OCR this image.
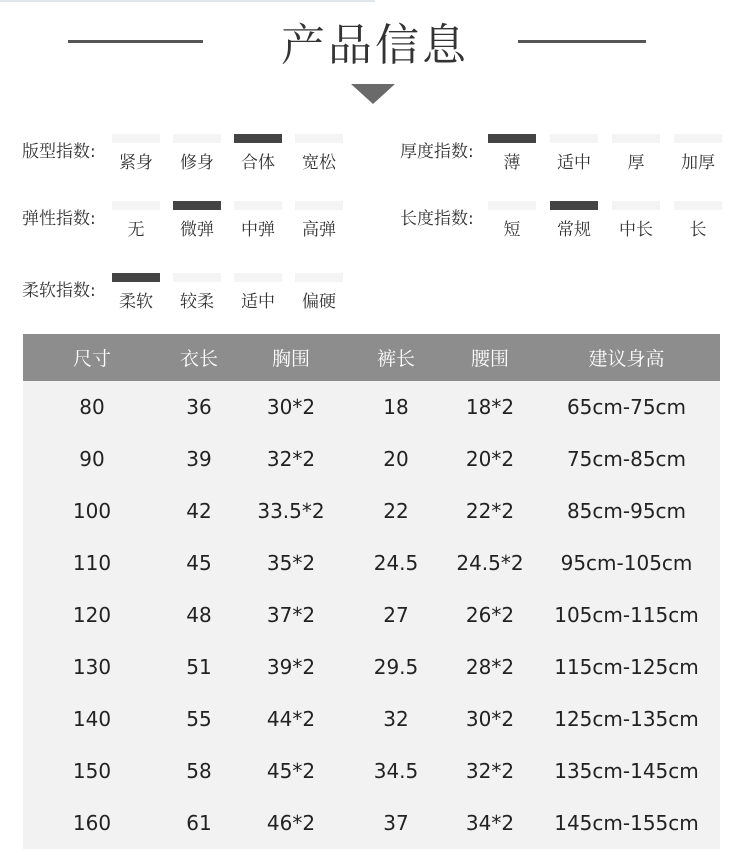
产品信息
版型指数:
紧身	修身	合体	宽松
厚度指数:
薄	适中	厚	加厚
弹性指数:
无	微弹	中弹	高弹
长度指数:
短	常规	中长	长
柔软指数:
柔软	较柔	适中	偏硬
尺寸	衣长	胸围	裤长	腰围	建议身高
80	36	30*2	18	18*2	65cm-75cm
90	39	32*2	20	20*2	75cm-85cm
100	42	33.5*2	22	22*2	85cm-95cm
110	45	35*2	24.5	24.5*2	95cm-105cm
120	48	37*2	27	26*2	105cm-115cm
130	51	39*2	29.5	28*2	115cm-125cm
140	55	44*2	32	30*2	125cm-135cm
150	58	45*2	34.5	32*2	135cm-145cm
160	61	46*2	37	34*2	145cm-155cm
